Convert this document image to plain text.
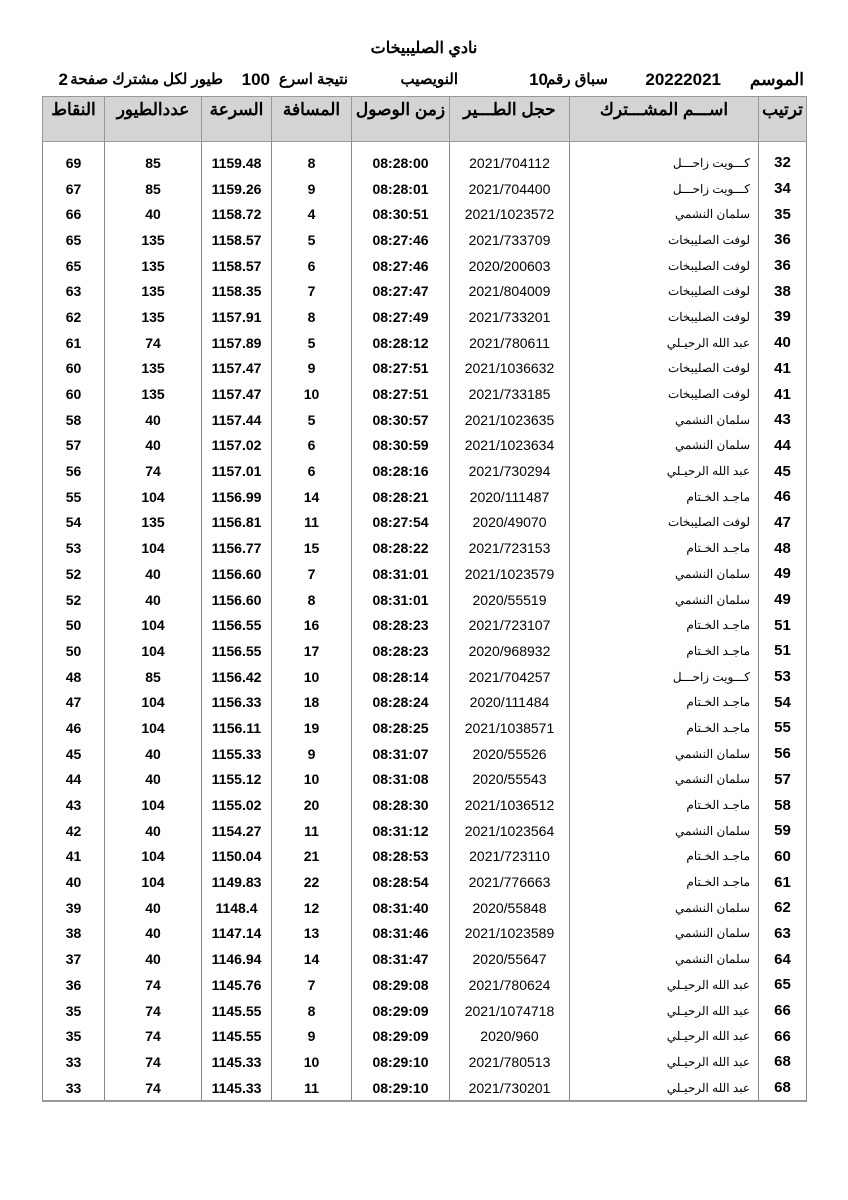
نادي الصليبيخات
الموسم
20222021
سباق رقم
10
النويصيب
نتيجة اسرع
100
طيور لكل مشترك صفحة
2
ترتيب	اســـم المشـــترك	حجل الطـــير	زمن الوصول	المسافة	السرعة	عددالطيور	النقاط

32	كـــويت زاحـــل	2021/704112	08:28:00	8	1159.48	85	69
34	كـــويت زاحـــل	2021/704400	08:28:01	9	1159.26	85	67
35	سلمان النشمي	2021/1023572	08:30:51	4	1158.72	40	66
36	لوفت الصليبخات	2021/733709	08:27:46	5	1158.57	135	65
36	لوفت الصليبخات	2020/200603	08:27:46	6	1158.57	135	65
38	لوفت الصليبخات	2021/804009	08:27:47	7	1158.35	135	63
39	لوفت الصليبخات	2021/733201	08:27:49	8	1157.91	135	62
40	عبد الله الرحيـلي	2021/780611	08:28:12	5	1157.89	74	61
41	لوفت الصليبخات	2021/1036632	08:27:51	9	1157.47	135	60
41	لوفت الصليبخات	2021/733185	08:27:51	10	1157.47	135	60
43	سلمان النشمي	2021/1023635	08:30:57	5	1157.44	40	58
44	سلمان النشمي	2021/1023634	08:30:59	6	1157.02	40	57
45	عبد الله الرحيـلي	2021/730294	08:28:16	6	1157.01	74	56
46	ماجـد الخـتام	2020/111487	08:28:21	14	1156.99	104	55
47	لوفت الصليبخات	2020/49070	08:27:54	11	1156.81	135	54
48	ماجـد الخـتام	2021/723153	08:28:22	15	1156.77	104	53
49	سلمان النشمي	2021/1023579	08:31:01	7	1156.60	40	52
49	سلمان النشمي	2020/55519	08:31:01	8	1156.60	40	52
51	ماجـد الخـتام	2021/723107	08:28:23	16	1156.55	104	50
51	ماجـد الخـتام	2020/968932	08:28:23	17	1156.55	104	50
53	كـــويت زاحـــل	2021/704257	08:28:14	10	1156.42	85	48
54	ماجـد الخـتام	2020/111484	08:28:24	18	1156.33	104	47
55	ماجـد الخـتام	2021/1038571	08:28:25	19	1156.11	104	46
56	سلمان النشمي	2020/55526	08:31:07	9	1155.33	40	45
57	سلمان النشمي	2020/55543	08:31:08	10	1155.12	40	44
58	ماجـد الخـتام	2021/1036512	08:28:30	20	1155.02	104	43
59	سلمان النشمي	2021/1023564	08:31:12	11	1154.27	40	42
60	ماجـد الخـتام	2021/723110	08:28:53	21	1150.04	104	41
61	ماجـد الخـتام	2021/776663	08:28:54	22	1149.83	104	40
62	سلمان النشمي	2020/55848	08:31:40	12	1148.4	40	39
63	سلمان النشمي	2021/1023589	08:31:46	13	1147.14	40	38
64	سلمان النشمي	2020/55647	08:31:47	14	1146.94	40	37
65	عبد الله الرحيـلي	2021/780624	08:29:08	7	1145.76	74	36
66	عبد الله الرحيـلي	2021/1074718	08:29:09	8	1145.55	74	35
66	عبد الله الرحيـلي	2020/960	08:29:09	9	1145.55	74	35
68	عبد الله الرحيـلي	2021/780513	08:29:10	10	1145.33	74	33
68	عبد الله الرحيـلي	2021/730201	08:29:10	11	1145.33	74	33
